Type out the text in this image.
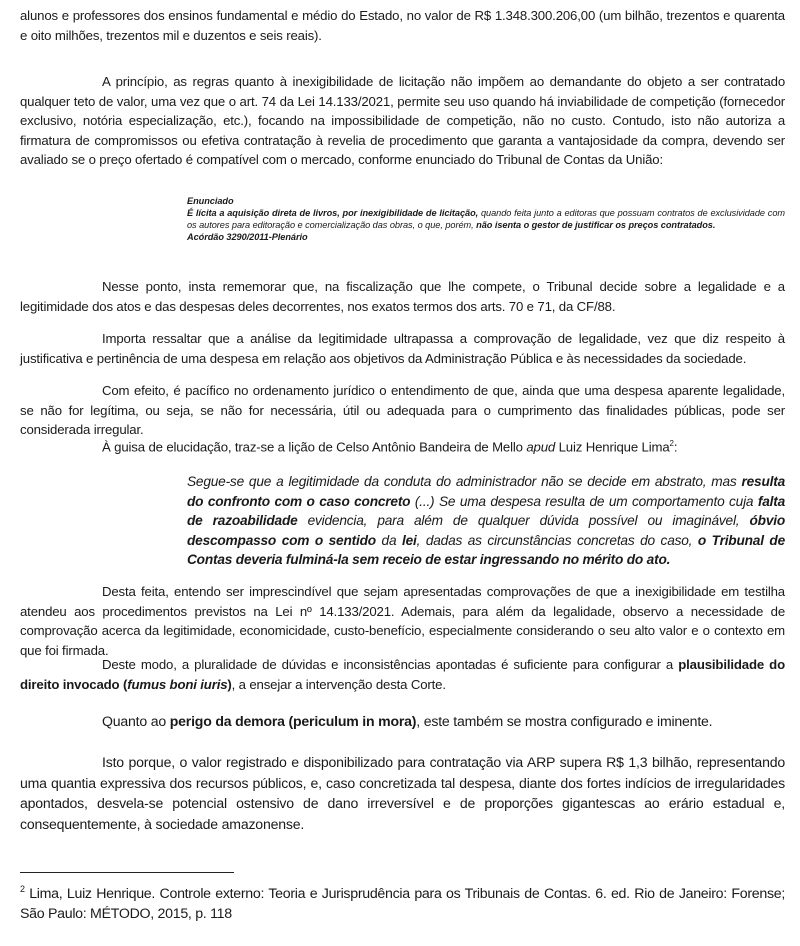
alunos e professores dos ensinos fundamental e médio do Estado, no valor de R$ 1.348.300.206,00 (um bilhão, trezentos e quarenta e oito milhões, trezentos mil e duzentos e seis reais).
A princípio, as regras quanto à inexigibilidade de licitação não impõem ao demandante do objeto a ser contratado qualquer teto de valor, uma vez que o art. 74 da Lei 14.133/2021, permite seu uso quando há inviabilidade de competição (fornecedor exclusivo, notória especialização, etc.), focando na impossibilidade de competição, não no custo. Contudo, isto não autoriza a firmatura de compromissos ou efetiva contratação à revelia de procedimento que garanta a vantajosidade da compra, devendo ser avaliado se o preço ofertado é compatível com o mercado, conforme enunciado do Tribunal de Contas da União:
Enunciado
É lícita a aquisição direta de livros, por inexigibilidade de licitação, quando feita junto a editoras que possuam contratos de exclusividade com os autores para editoração e comercialização das obras, o que, porém, não isenta o gestor de justificar os preços contratados.
Acórdão 3290/2011-Plenário
Nesse ponto, insta rememorar que, na fiscalização que lhe compete, o Tribunal decide sobre a legalidade e a legitimidade dos atos e das despesas deles decorrentes, nos exatos termos dos arts. 70 e 71, da CF/88.
Importa ressaltar que a análise da legitimidade ultrapassa a comprovação de legalidade, vez que diz respeito à justificativa e pertinência de uma despesa em relação aos objetivos da Administração Pública e às necessidades da sociedade.
Com efeito, é pacífico no ordenamento jurídico o entendimento de que, ainda que uma despesa aparente legalidade, se não for legítima, ou seja, se não for necessária, útil ou adequada para o cumprimento das finalidades públicas, pode ser considerada irregular.
À guisa de elucidação, traz-se a lição de Celso Antônio Bandeira de Mello apud Luiz Henrique Lima$^2$:
Segue-se que a legitimidade da conduta do administrador não se decide em abstrato, mas resulta do confronto com o caso concreto (...) Se uma despesa resulta de um comportamento cuja falta de razoabilidade evidencia, para além de qualquer dúvida possível ou imaginável, óbvio descompasso com o sentido da lei, dadas as circunstâncias concretas do caso, o Tribunal de Contas deveria fulminá-la sem receio de estar ingressando no mérito do ato.
Desta feita, entendo ser imprescindível que sejam apresentadas comprovações de que a inexigibilidade em testilha atendeu aos procedimentos previstos na Lei nº 14.133/2021. Ademais, para além da legalidade, observo a necessidade de comprovação acerca da legitimidade, economicidade, custo-benefício, especialmente considerando o seu alto valor e o contexto em que foi firmada.
Deste modo, a pluralidade de dúvidas e inconsistências apontadas é suficiente para configurar a plausibilidade do direito invocado (fumus boni iuris), a ensejar a intervenção desta Corte.
Quanto ao perigo da demora (periculum in mora), este também se mostra configurado e iminente.
Isto porque, o valor registrado e disponibilizado para contratação via ARP supera R$ 1,3 bilhão, representando uma quantia expressiva dos recursos públicos, e, caso concretizada tal despesa, diante dos fortes indícios de irregularidades apontados, desvela-se potencial ostensivo de dano irreversível e de proporções gigantescas ao erário estadual e, consequentemente, à sociedade amazonense.
$^2$ Lima, Luiz Henrique. Controle externo: Teoria e Jurisprudência para os Tribunais de Contas. 6. ed. Rio de Janeiro: Forense; São Paulo: MÉTODO, 2015, p. 118
